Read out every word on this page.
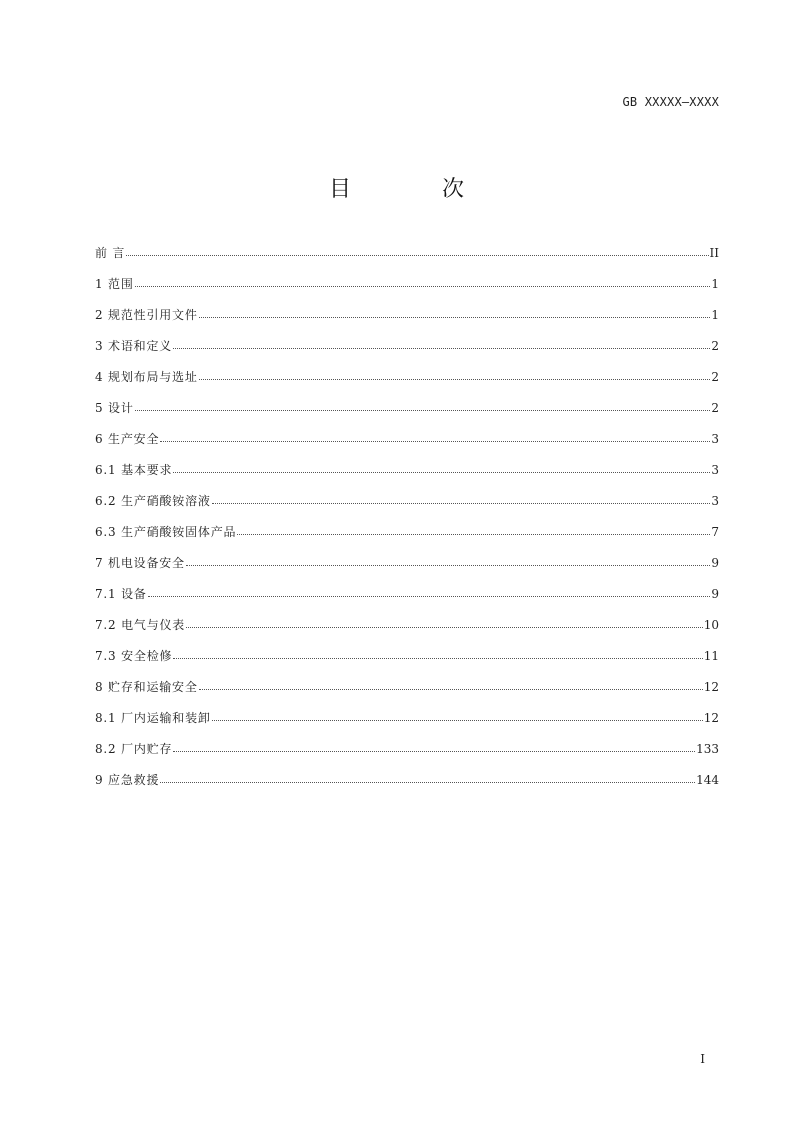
GB XXXXX—XXXX
目 次
前 言	II
1 范围	1
2 规范性引用文件	1
3 术语和定义	2
4 规划布局与选址	2
5 设计	2
6 生产安全	3
6.1 基本要求	3
6.2 生产硝酸铵溶液	3
6.3 生产硝酸铵固体产品	7
7 机电设备安全	9
7.1 设备	9
7.2 电气与仪表	10
7.3 安全检修	11
8 贮存和运输安全	12
8.1 厂内运输和装卸	12
8.2 厂内贮存	133
9 应急救援	144
I
